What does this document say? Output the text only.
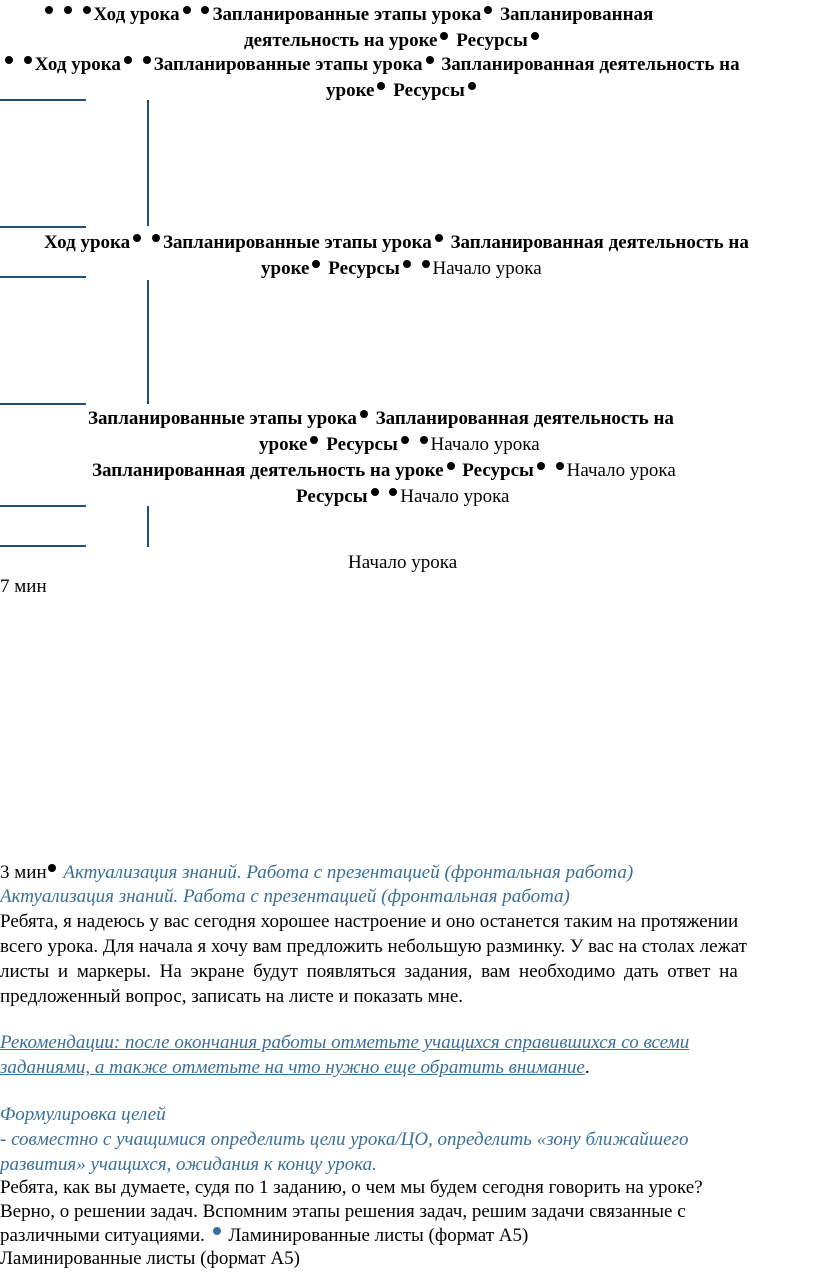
Ход урока Запланированные этапы урока Запланированная
деятельность на уроке Ресурсы
Ход урока Запланированные этапы урока Запланированная деятельность на
уроке Ресурсы
Ход урока Запланированные этапы урока Запланированная деятельность на
уроке Ресурсы Начало урока
Запланированные этапы урока Запланированная деятельность на
уроке Ресурсы Начало урока
Запланированная деятельность на уроке Ресурсы Начало урока
Ресурсы Начало урока
Начало урока
7 мин
3 мин Актуализация знаний. Работа с презентацией (фронтальная работа)
Актуализация знаний. Работа с презентацией (фронтальная работа)
Ребята, я надеюсь у вас сегодня хорошее настроение и оно останется таким на протяжении
всего урока. Для начала я хочу вам предложить небольшую разминку. У вас на столах лежат
листы и маркеры. На экране будут появляться задания, вам необходимо дать ответ на
предложенный вопрос, записать на листе и показать мне.
Рекомендации: после окончания работы отметьте учащихся справившихся со всеми
заданиями, а также отметьте на что нужно еще обратить внимание.
Формулировка целей
- совместно с учащимися определить цели урока/ЦО, определить «зону ближайшего
развития» учащихся, ожидания к концу урока.
Ребята, как вы думаете, судя по 1 заданию, о чем мы будем сегодня говорить на уроке?
Верно, о решении задач. Вспомним этапы решения задач, решим задачи связанные с
различными ситуациями. Ламинированные листы (формат А5)
Ламинированные листы (формат А5)
